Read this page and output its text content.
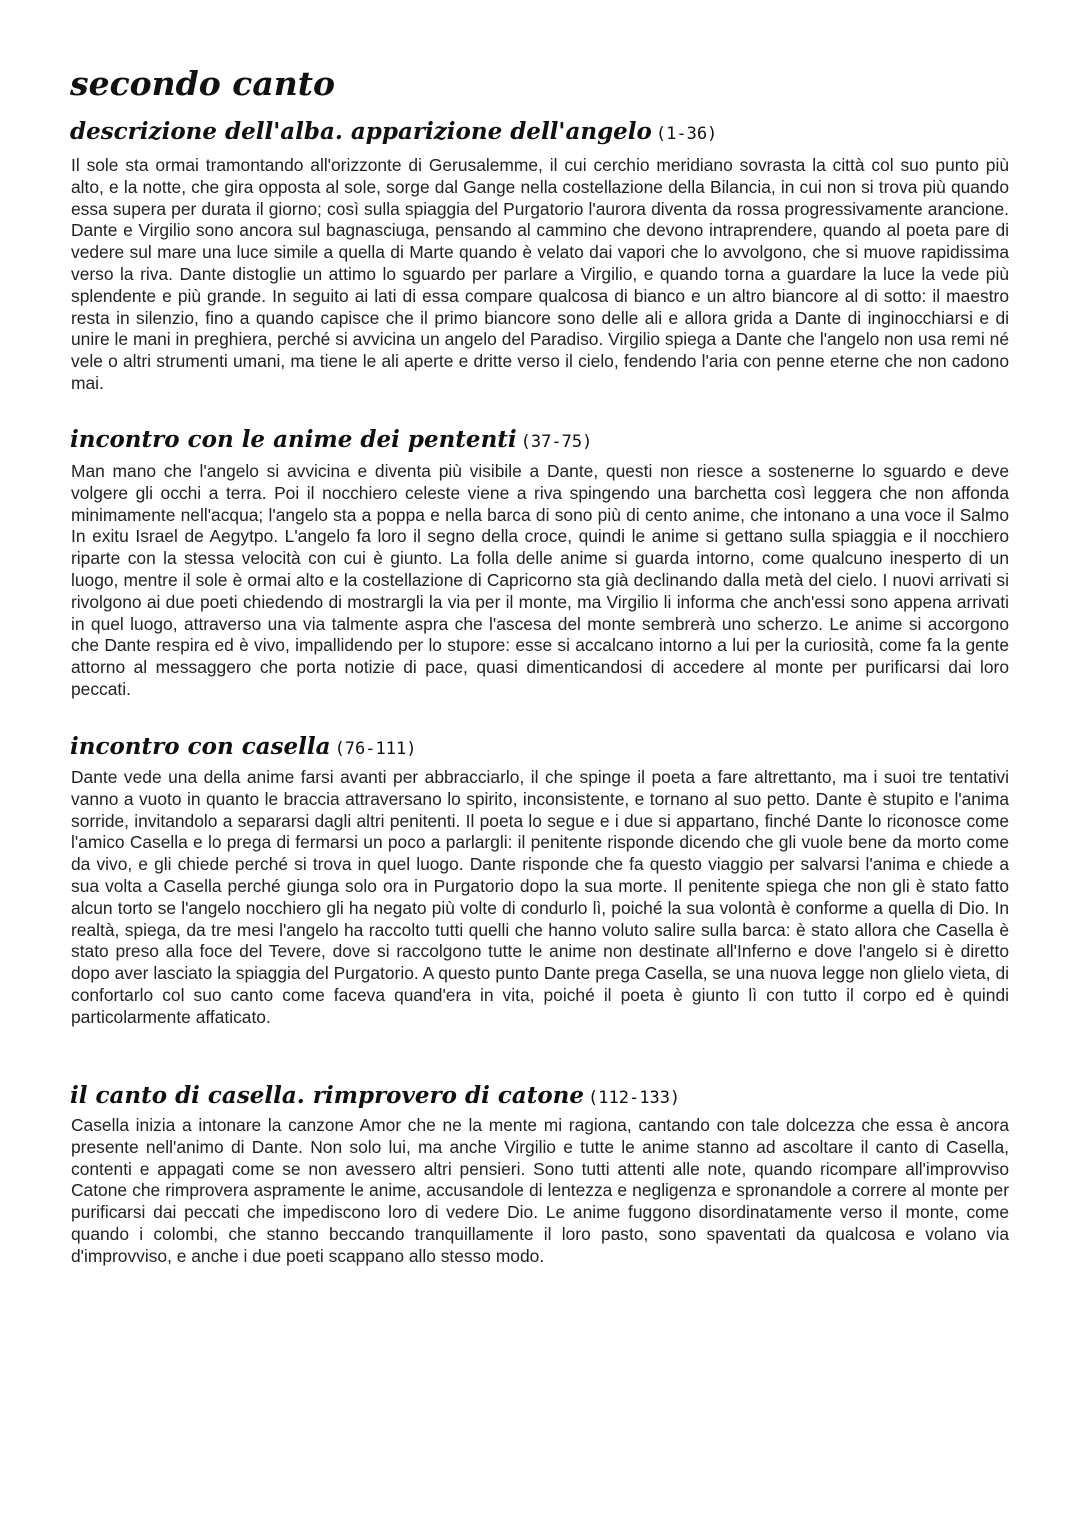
secondo canto
descrizione dell'alba. apparizione dell'angelo (1-36)

Il sole sta ormai tramontando all'orizzonte di Gerusalemme, il cui cerchio meridiano sovrasta la città col suo punto più alto, e la notte, che gira opposta al sole, sorge dal Gange nella costellazione della Bilancia, in cui non si trova più quando essa supera per durata il giorno; così sulla spiaggia del Purgatorio l'aurora diventa da rossa progressivamente arancione. Dante e Virgilio sono ancora sul bagnasciuga, pensando al cammino che devono intraprendere, quando al poeta pare di vedere sul mare una luce simile a quella di Marte quando è velato dai vapori che lo avvolgono, che si muove rapidissima verso la riva. Dante distoglie un attimo lo sguardo per parlare a Virgilio, e quando torna a guardare la luce la vede più splendente e più grande. In seguito ai lati di essa compare qualcosa di bianco e un altro biancore al di sotto: il maestro resta in silenzio, fino a quando capisce che il primo biancore sono delle ali e allora grida a Dante di inginocchiarsi e di unire le mani in preghiera, perché si avvicina un angelo del Paradiso. Virgilio spiega a Dante che l'angelo non usa remi né vele o altri strumenti umani, ma tiene le ali aperte e dritte verso il cielo, fendendo l'aria con penne eterne che non cadono mai.

incontro con le anime dei pententi (37-75)

Man mano che l'angelo si avvicina e diventa più visibile a Dante, questi non riesce a sostenerne lo sguardo e deve volgere gli occhi a terra. Poi il nocchiero celeste viene a riva spingendo una barchetta così leggera che non affonda minimamente nell'acqua; l'angelo sta a poppa e nella barca di sono più di cento anime, che intonano a una voce il Salmo In exitu Israel de Aegytpo. L'angelo fa loro il segno della croce, quindi le anime si gettano sulla spiaggia e il nocchiero riparte con la stessa velocità con cui è giunto. La folla delle anime si guarda intorno, come qualcuno inesperto di un luogo, mentre il sole è ormai alto e la costellazione di Capricorno sta già declinando dalla metà del cielo. I nuovi arrivati si rivolgono ai due poeti chiedendo di mostrargli la via per il monte, ma Virgilio li informa che anch'essi sono appena arrivati in quel luogo, attraverso una via talmente aspra che l'ascesa del monte sembrerà uno scherzo. Le anime si accorgono che Dante respira ed è vivo, impallidendo per lo stupore: esse si accalcano intorno a lui per la curiosità, come fa la gente attorno al messaggero che porta notizie di pace, quasi dimenticandosi di accedere al monte per purificarsi dai loro peccati.

incontro con casella (76-111)

Dante vede una della anime farsi avanti per abbracciarlo, il che spinge il poeta a fare altrettanto, ma i suoi tre tentativi vanno a vuoto in quanto le braccia attraversano lo spirito, inconsistente, e tornano al suo petto. Dante è stupito e l'anima sorride, invitandolo a separarsi dagli altri penitenti. Il poeta lo segue e i due si appartano, finché Dante lo riconosce come l'amico Casella e lo prega di fermarsi un poco a parlargli: il penitente risponde dicendo che gli vuole bene da morto come da vivo, e gli chiede perché si trova in quel luogo. Dante risponde che fa questo viaggio per salvarsi l'anima e chiede a sua volta a Casella perché giunga solo ora in Purgatorio dopo la sua morte. Il penitente spiega che non gli è stato fatto alcun torto se l'angelo nocchiero gli ha negato più volte di condurlo lì, poiché la sua volontà è conforme a quella di Dio. In realtà, spiega, da tre mesi l'angelo ha raccolto tutti quelli che hanno voluto salire sulla barca: è stato allora che Casella è stato preso alla foce del Tevere, dove si raccolgono tutte le anime non destinate all'Inferno e dove l'angelo si è diretto dopo aver lasciato la spiaggia del Purgatorio. A questo punto Dante prega Casella, se una nuova legge non glielo vieta, di confortarlo col suo canto come faceva quand'era in vita, poiché il poeta è giunto lì con tutto il corpo ed è quindi particolarmente affaticato.

il canto di casella. rimprovero di catone (112-133)

Casella inizia a intonare la canzone Amor che ne la mente mi ragiona, cantando con tale dolcezza che essa è ancora presente nell'animo di Dante. Non solo lui, ma anche Virgilio e tutte le anime stanno ad ascoltare il canto di Casella, contenti e appagati come se non avessero altri pensieri. Sono tutti attenti alle note, quando ricompare all'improvviso Catone che rimprovera aspramente le anime, accusandole di lentezza e negligenza e spronandole a correre al monte per purificarsi dai peccati che impediscono loro di vedere Dio. Le anime fuggono disordinatamente verso il monte, come quando i colombi, che stanno beccando tranquillamente il loro pasto, sono spaventati da qualcosa e volano via d'improvviso, e anche i due poeti scappano allo stesso modo.
